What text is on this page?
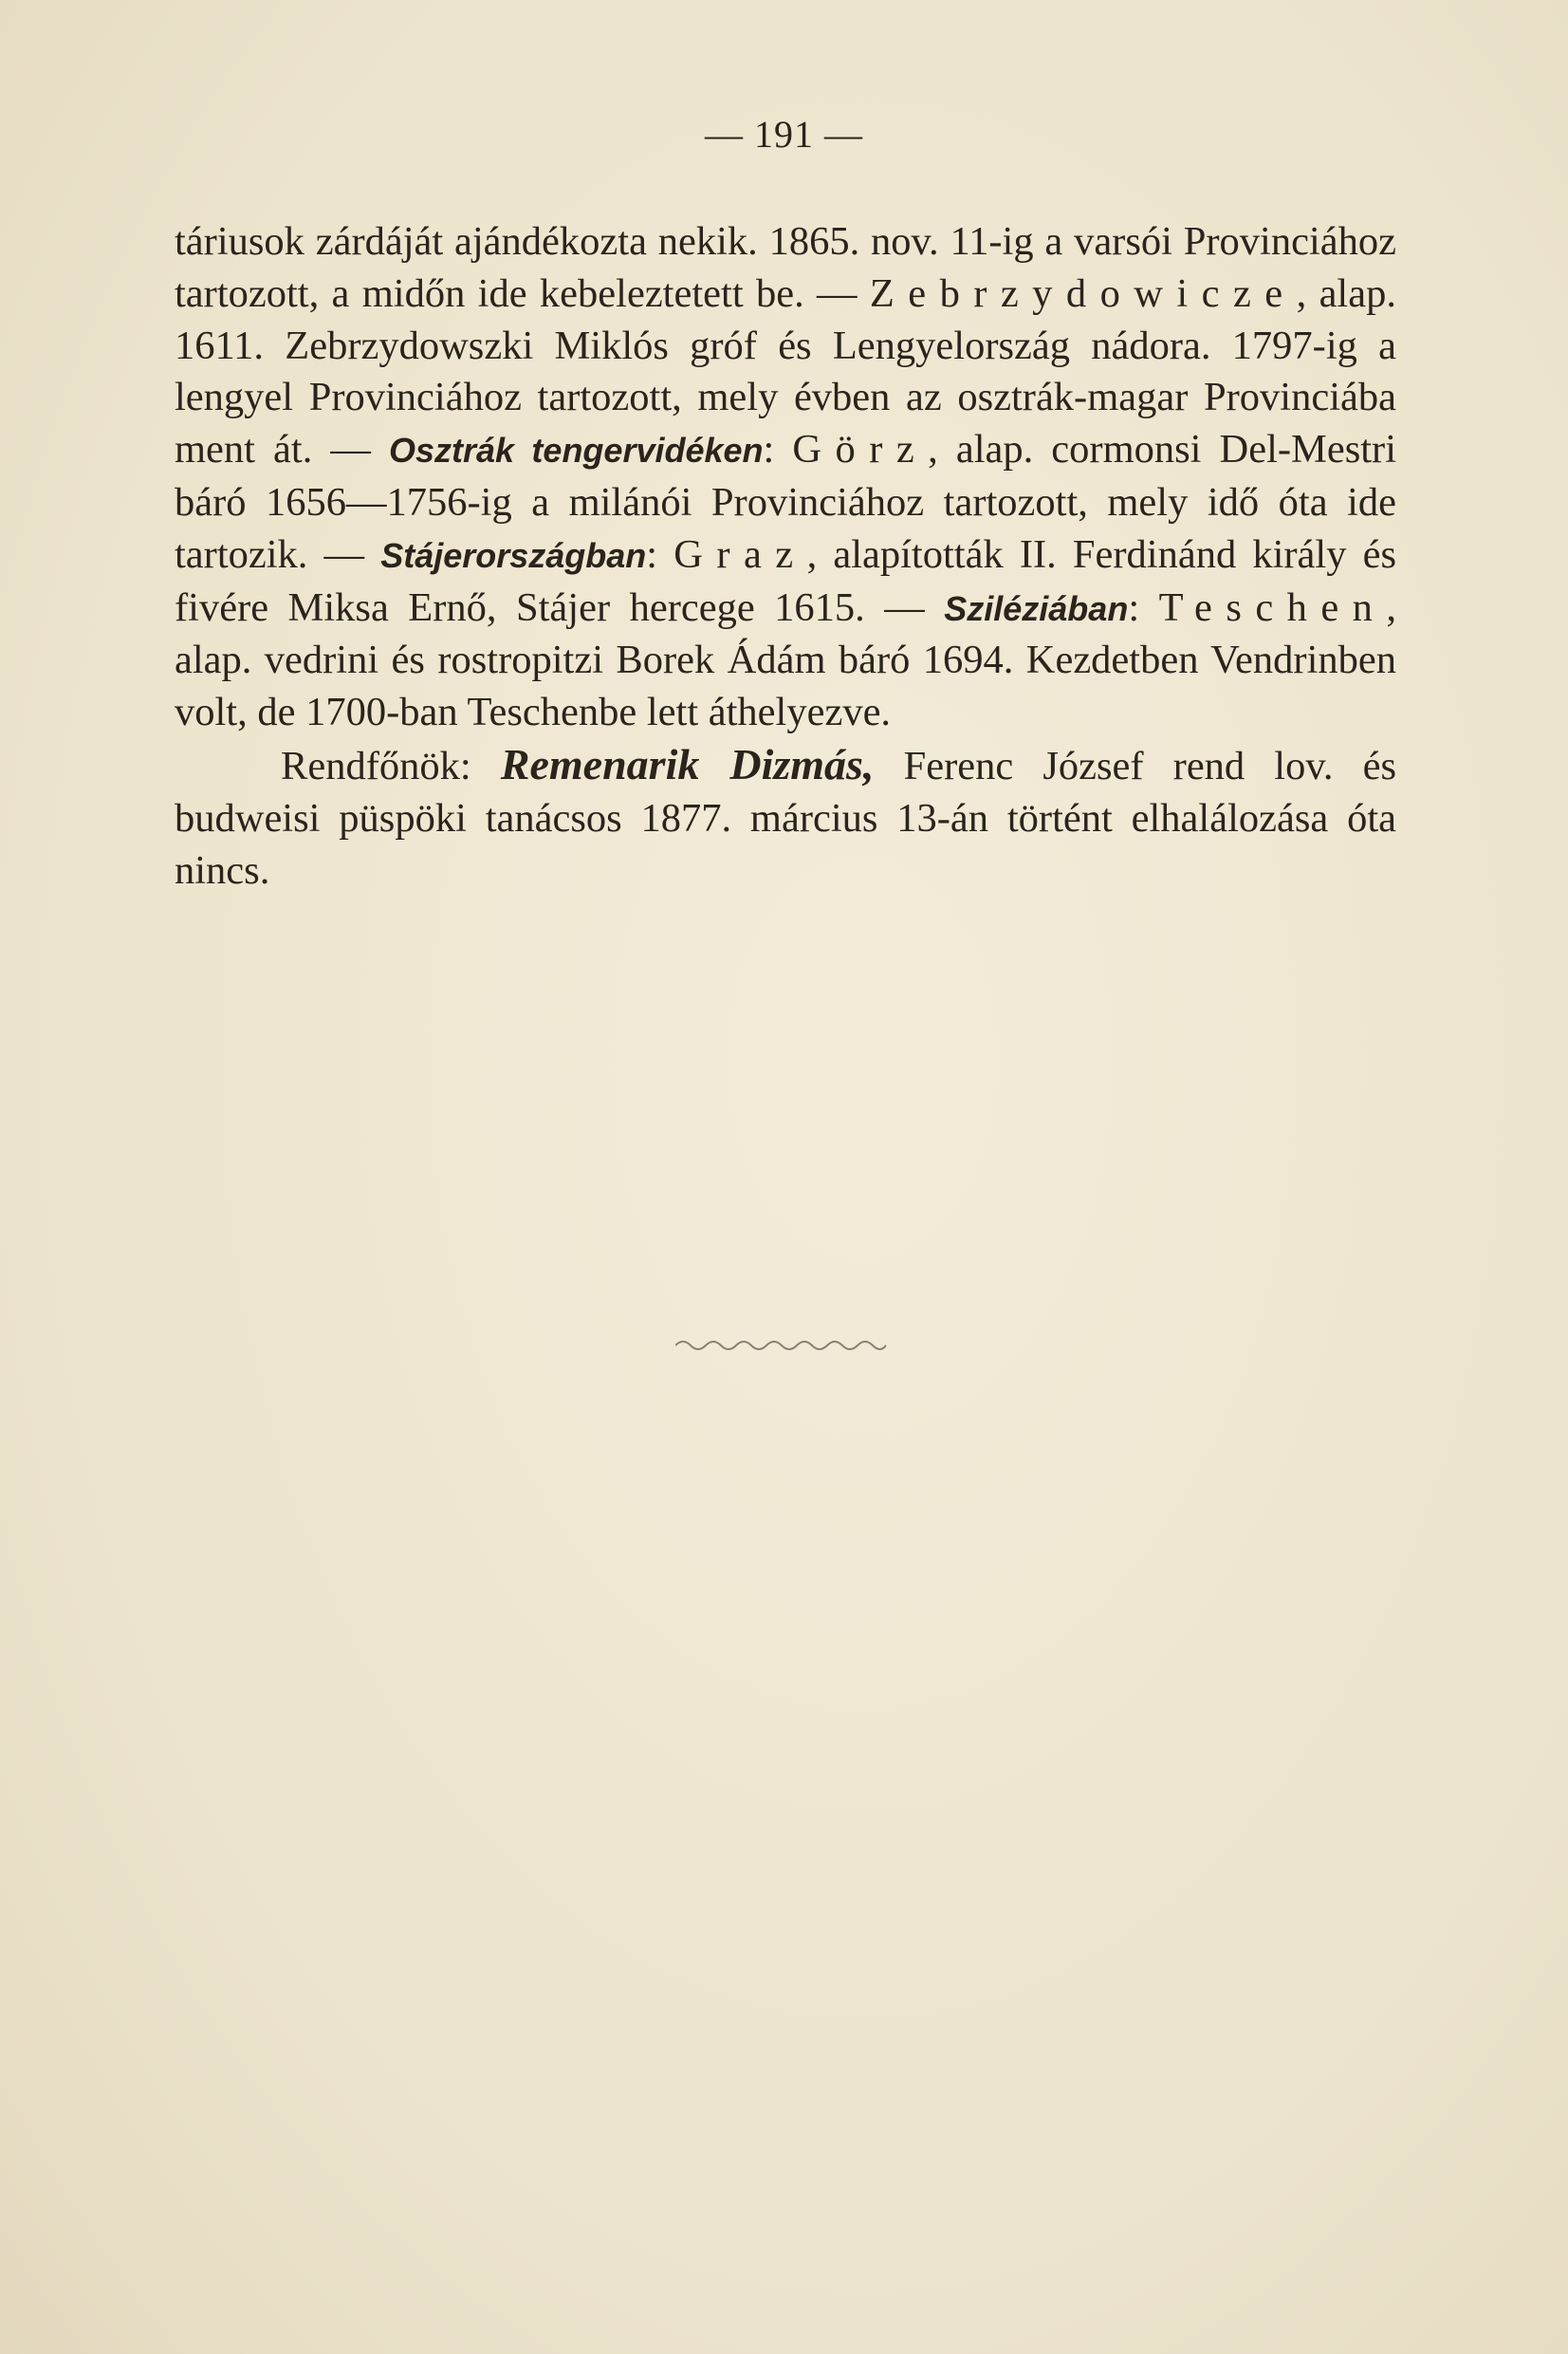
— 191 —

táriusok zárdáját ajándékozta nekik. 1865. nov. 11-ig a varsói Provinciához tartozott, a midőn ide kebeleztetett be. — Zebrzydowicze, alap. 1611. Zebrzydowszki Miklós gróf és Lengyelország nádora. 1797-ig a lengyel Provinciához tartozott, mely évben az osztrák-magar Provinciába ment át. — Osztrák tengervidéken: Görz, alap. cormonsi Del-Mestri báró 1656—1756-ig a milánói Provinciához tartozott, mely idő óta ide tartozik. — Stájerországban: Graz, alapították II. Ferdinánd király és fivére Miksa Ernő, Stájer hercege 1615. — Sziléziában: Teschen, alap. vedrini és rostropitzi Borek Ádám báró 1694. Kezdetben Vendrinben volt, de 1700-ban Teschenbe lett áthelyezve.

Rendfőnök: Remenarik Dizmás, Ferenc József rend lov. és budweisi püspöki tanácsos 1877. március 13-án történt elhalálozása óta nincs.
